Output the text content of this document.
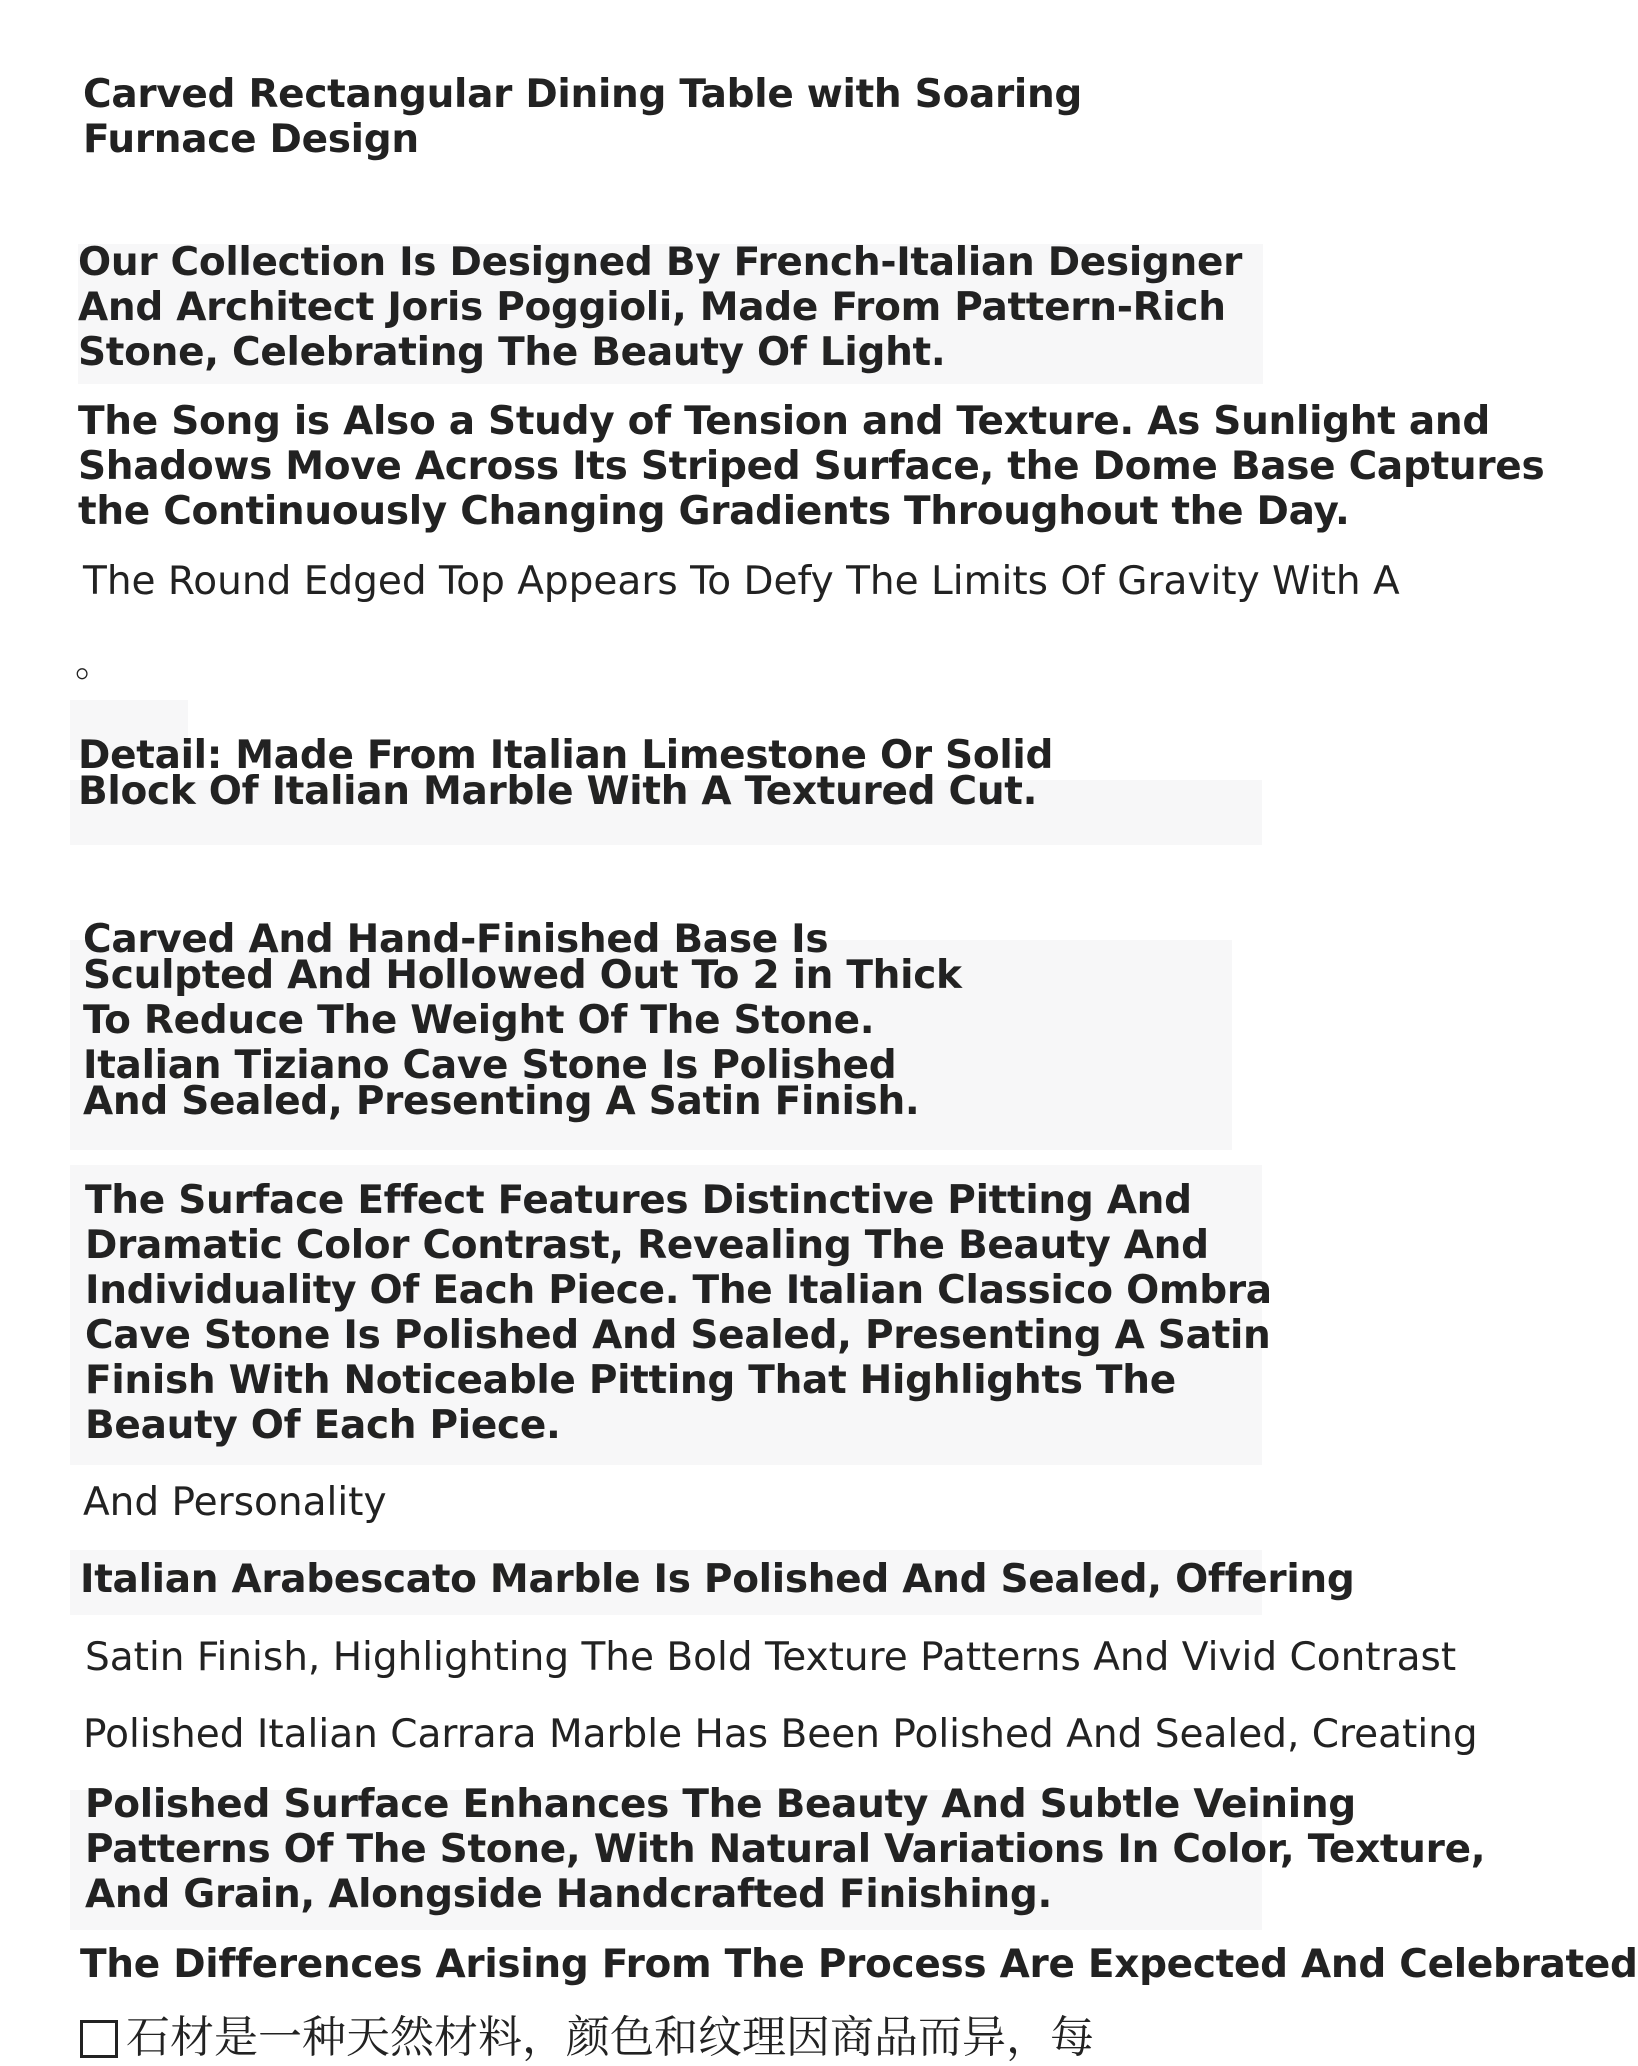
Carved Rectangular Dining Table with Soaring
Furnace Design
Our Collection Is Designed By French-Italian Designer
And Architect Joris Poggioli, Made From Pattern-Rich
Stone, Celebrating The Beauty Of Light.
The Song is Also a Study of Tension and Texture. As Sunlight and
Shadows Move Across Its Striped Surface, the Dome Base Captures
the Continuously Changing Gradients Throughout the Day.
The Round Edged Top Appears To Defy The Limits Of Gravity With A
。
Detail: Made From Italian Limestone Or Solid
Block Of Italian Marble With A Textured Cut.
Carved And Hand-Finished Base Is
Sculpted And Hollowed Out To 2 in Thick
To Reduce The Weight Of The Stone.
Italian Tiziano Cave Stone Is Polished
And Sealed, Presenting A Satin Finish.
The Surface Effect Features Distinctive Pitting And
Dramatic Color Contrast, Revealing The Beauty And
Individuality Of Each Piece. The Italian Classico Ombra
Cave Stone Is Polished And Sealed, Presenting A Satin
Finish With Noticeable Pitting That Highlights The
Beauty Of Each Piece.
And Personality
Italian Arabescato Marble Is Polished And Sealed, Offering
Satin Finish, Highlighting The Bold Texture Patterns And Vivid Contrast
Polished Italian Carrara Marble Has Been Polished And Sealed, Creating
Polished Surface Enhances The Beauty And Subtle Veining
Patterns Of The Stone, With Natural Variations In Color, Texture,
And Grain, Alongside Handcrafted Finishing.
The Differences Arising From The Process Are Expected And Celebrated
石材是一种天然材料，颜色和纹理因商品而异，每
